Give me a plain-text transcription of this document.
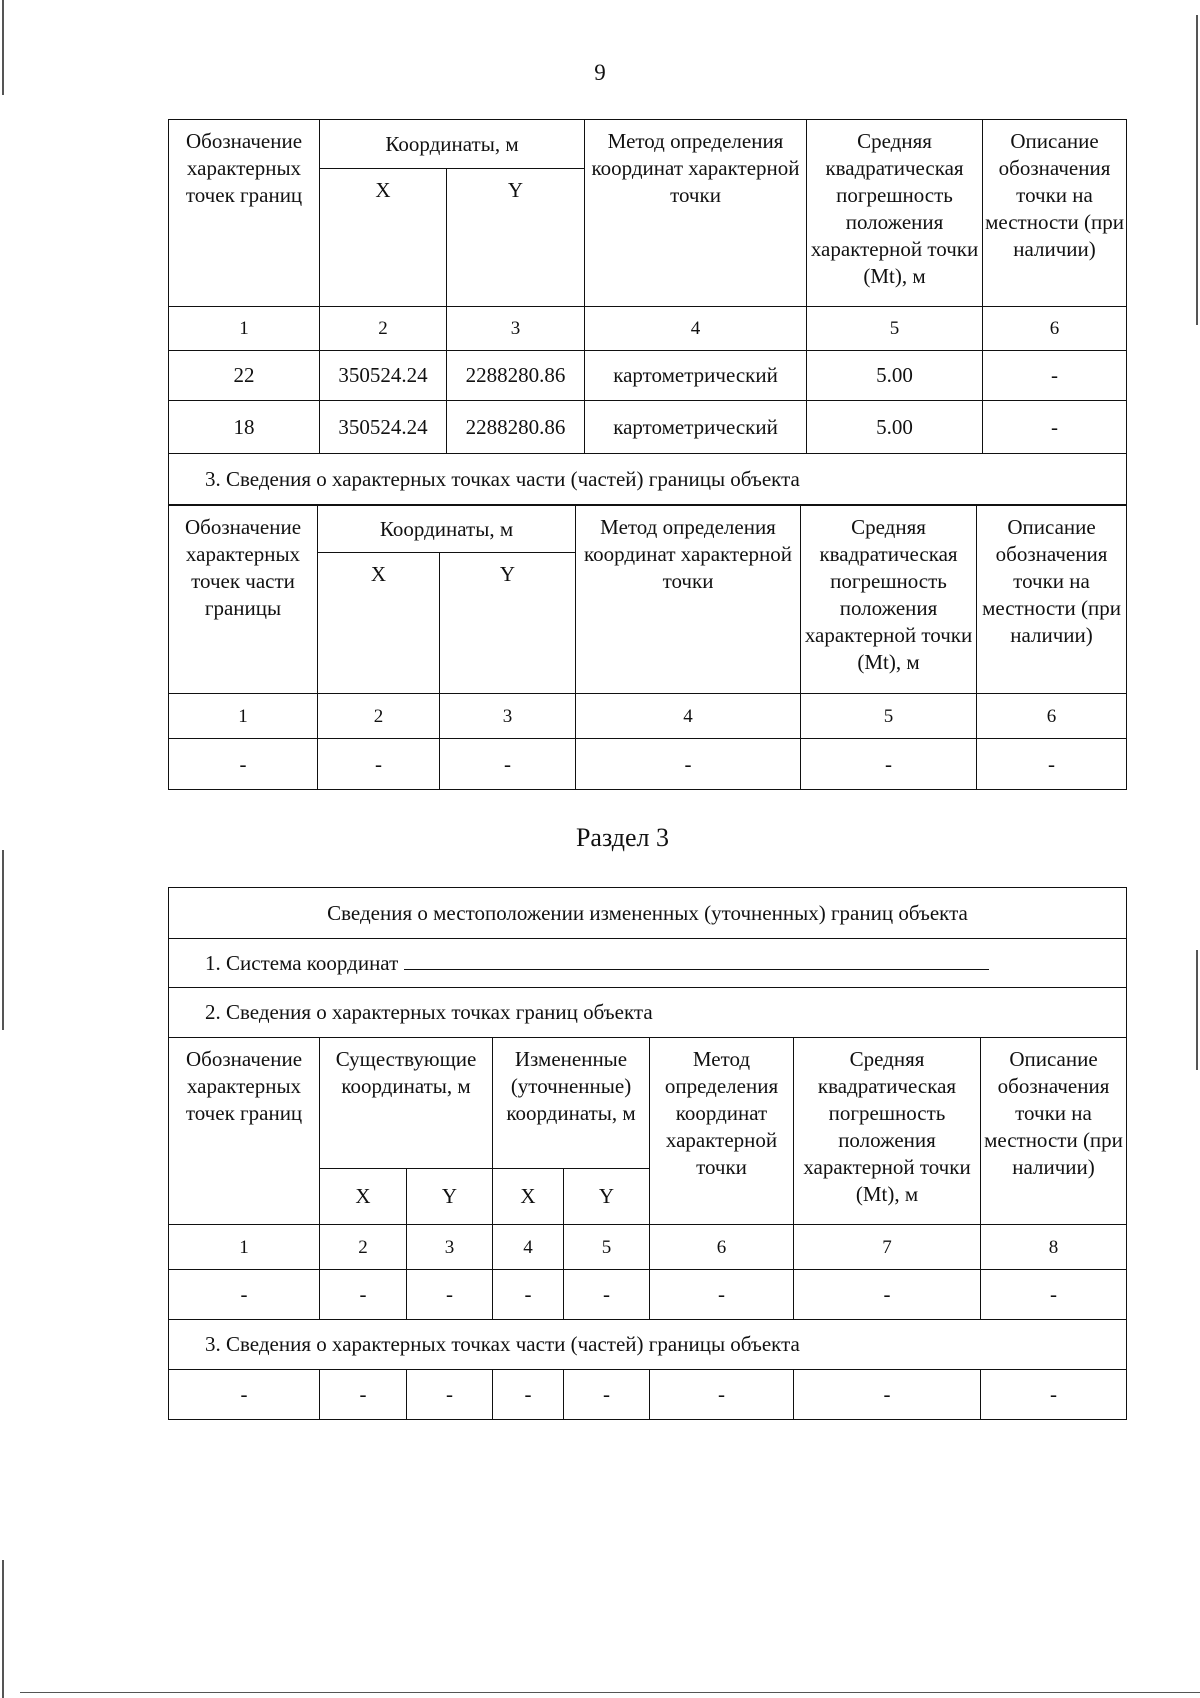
9
Обозначение характерных точек границ	Координаты, м		Метод определения координат характерной точки	Средняя квадратическая погрешность положения характерной точки (Mt), м	Описание обозначения точки на местности (при наличии)
	X	Y			
1	2	3	4	5	6
22	350524.24	2288280.86	картометрический	5.00	-
18	350524.24	2288280.86	картометрический	5.00	-
3. Сведения о характерных точках части (частей) границы объекта					
Обозначение характерных точек части границы	Координаты, м		Метод определения координат характерной точки	Средняя квадратическая погрешность положения характерной точки (Mt), м	Описание обозначения точки на местности (при наличии)
	X	Y			
1	2	3	4	5	6
-	-	-	-	-	-
Раздел 3
Сведения о местоположении измененных (уточненных) границ объекта							
1. Система координат							
2. Сведения о характерных точках границ объекта							
Обозначение характерных точек границ	Существующие координаты, м		Измененные (уточненные) координаты, м		Метод определения координат характерной точки	Средняя квадратическая погрешность положения характерной точки (Mt), м	Описание обозначения точки на местности (при наличии)
	X	Y	X	Y			
1	2	3	4	5	6	7	8
-	-	-	-	-	-	-	-
3. Сведения о характерных точках части (частей) границы объекта							
-	-	-	-	-	-	-	-
